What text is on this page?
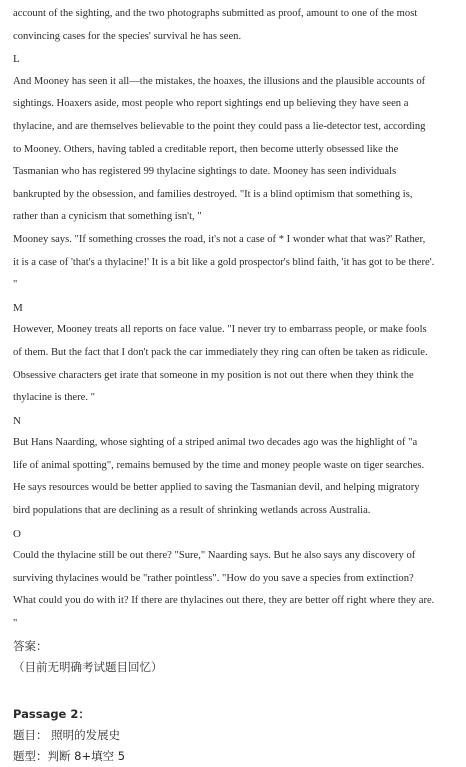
account of the sighting, and the two photographs submitted as proof, amount to one of the most
convincing cases for the species' survival he has seen.
L
And Mooney has seen it all—the mistakes, the hoaxes, the illusions and the plausible accounts of
sightings. Hoaxers aside, most people who report sightings end up believing they have seen a
thylacine, and are themselves believable to the point they could pass a lie-detector test, according
to Mooney. Others, having tabled a creditable report, then become utterly obsessed like the
Tasmanian who has registered 99 thylacine sightings to date. Mooney has seen individuals
bankrupted by the obsession, and families destroyed. "It is a blind optimism that something is,
rather than a cynicism that something isn't, "
Mooney says. "If something crosses the road, it's not a case of * I wonder what that was?' Rather,
it is a case of 'that's a thylacine!' It is a bit like a gold prospector's blind faith, 'it has got to be there'.
"
M
However, Mooney treats all reports on face value. "I never try to embarrass people, or make fools
of them. But the fact that I don't pack the car immediately they ring can often be taken as ridicule.
Obsessive characters get irate that someone in my position is not out there when they think the
thylacine is there. "
N
But Hans Naarding, whose sighting of a striped animal two decades ago was the highlight of "a
life of animal spotting", remains bemused by the time and money people waste on tiger searches.
He says resources would be better applied to saving the Tasmanian devil, and helping migratory
bird populations that are declining as a result of shrinking wetlands across Australia.
O
Could the thylacine still be out there? "Sure," Naarding says. But he also says any discovery of
surviving thylacines would be "rather pointless". "How do you save a species from extinction?
What could you do with it? If there are thylacines out there, they are better off right where they are.
"
答案：
（目前无明确考试题目回忆）
Passage 2：
题目： 照明的发展史
题型：判断 8+填空 5
